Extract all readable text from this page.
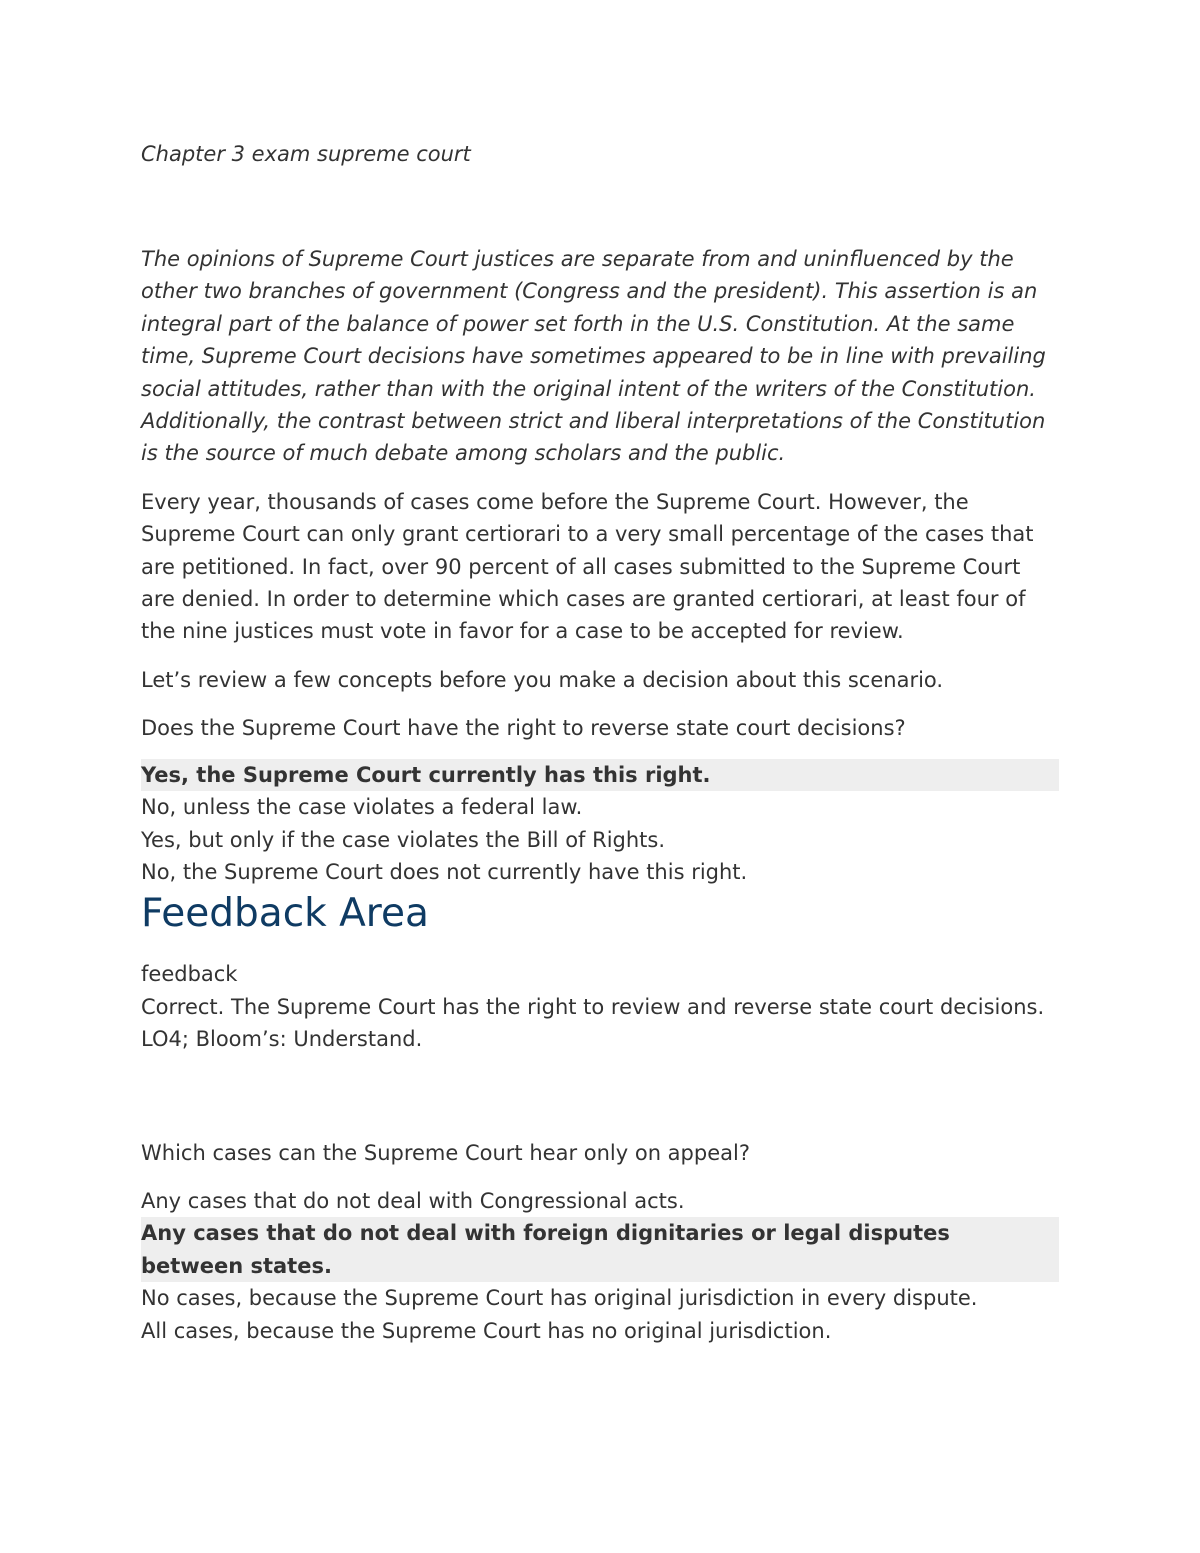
Chapter 3 exam supreme court

The opinions of Supreme Court justices are separate from and uninfluenced by the other two branches of government (Congress and the president). This assertion is an integral part of the balance of power set forth in the U.S. Constitution. At the same time, Supreme Court decisions have sometimes appeared to be in line with prevailing social attitudes, rather than with the original intent of the writers of the Constitution. Additionally, the contrast between strict and liberal interpretations of the Constitution is the source of much debate among scholars and the public.

Every year, thousands of cases come before the Supreme Court. However, the Supreme Court can only grant certiorari to a very small percentage of the cases that are petitioned. In fact, over 90 percent of all cases submitted to the Supreme Court are denied. In order to determine which cases are granted certiorari, at least four of the nine justices must vote in favor for a case to be accepted for review.

Let’s review a few concepts before you make a decision about this scenario.

Does the Supreme Court have the right to reverse state court decisions?

Yes, the Supreme Court currently has this right.
No, unless the case violates a federal law.
Yes, but only if the case violates the Bill of Rights.
No, the Supreme Court does not currently have this right.
Feedback Area

feedback

Correct. The Supreme Court has the right to review and reverse state court decisions. LO4; Bloom’s: Understand.

Which cases can the Supreme Court hear only on appeal?

Any cases that do not deal with Congressional acts.
Any cases that do not deal with foreign dignitaries or legal disputes between states.
No cases, because the Supreme Court has original jurisdiction in every dispute.
All cases, because the Supreme Court has no original jurisdiction.
